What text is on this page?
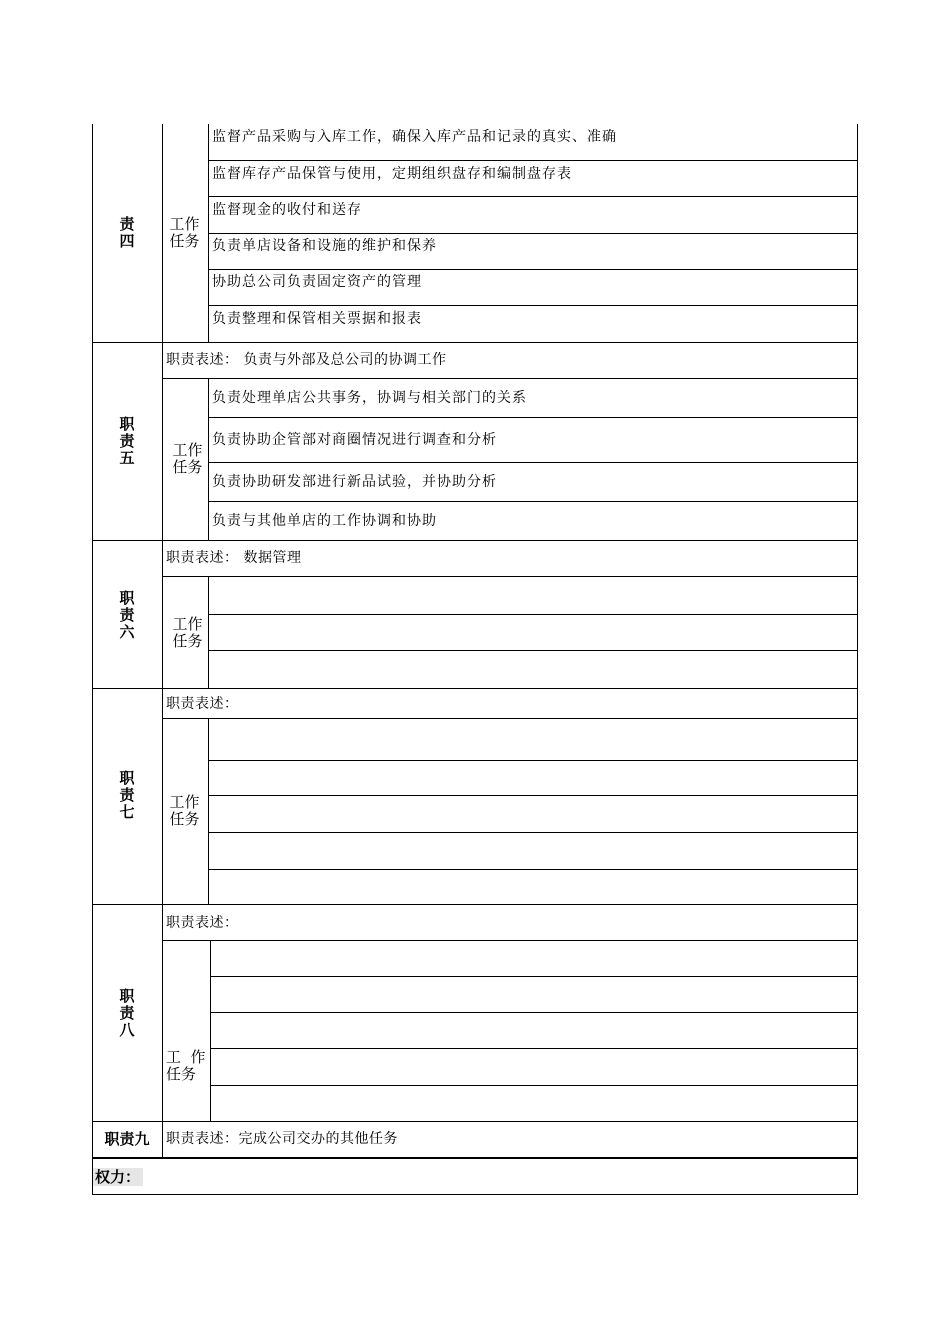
责
四
工作
任务
监督产品采购与入库工作，确保入库产品和记录的真实、准确
监督库存产品保管与使用，定期组织盘存和编制盘存表
监督现金的收付和送存
负责单店设备和设施的维护和保养
协助总公司负责固定资产的管理
负责整理和保管相关票据和报表
职
责
五
职责表述： 负责与外部及总公司的协调工作
工作
任务
负责处理单店公共事务，协调与相关部门的关系
负责协助企管部对商圈情况进行调查和分析
负责协助研发部进行新品试验，并协助分析
负责与其他单店的工作协调和协助
职
责
六
职责表述： 数据管理
工作
任务
职
责
七
职责表述：
工作
任务
职
责
八
职责表述：

工  作
任务

职责九	职责表述：完成公司交办的其他任务
权力：
